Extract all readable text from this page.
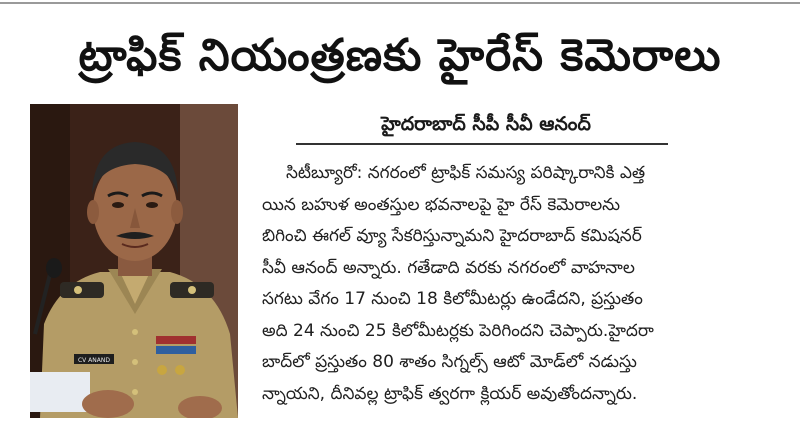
ట్రాఫిక్ నియంత్రణకు హైరేస్ కెమెరాలు
CV ANAND
హైదరాబాద్ సీపీ సీవీ ఆనంద్
సిటీబ్యూరో: నగరంలో ట్రాఫిక్ సమస్య పరిష్కారానికి ఎత్త
యిన బహుళ అంతస్తుల భవనాలపై హై రేస్ కెమెరాలను
బిగించి ఈగల్ వ్యూ సేకరిస్తున్నామని హైదరాబాద్ కమిషనర్
సీవీ ఆనంద్ అన్నారు. గతేడాది వరకు నగరంలో వాహనాల
సగటు వేగం 17 నుంచి 18 కిలోమీటర్లు ఉండేదని, ప్రస్తుతం
అది 24 నుంచి 25 కిలోమీటర్లకు పెరిగిందని చెప్పారు.హైదరా
బాద్‌లో ప్రస్తుతం 80 శాతం సిగ్నల్స్ ఆటో మోడ్‌లో నడుస్తు
న్నాయని, దీనివల్ల ట్రాఫిక్ త్వరగా క్లియర్ అవుతోందన్నారు.
